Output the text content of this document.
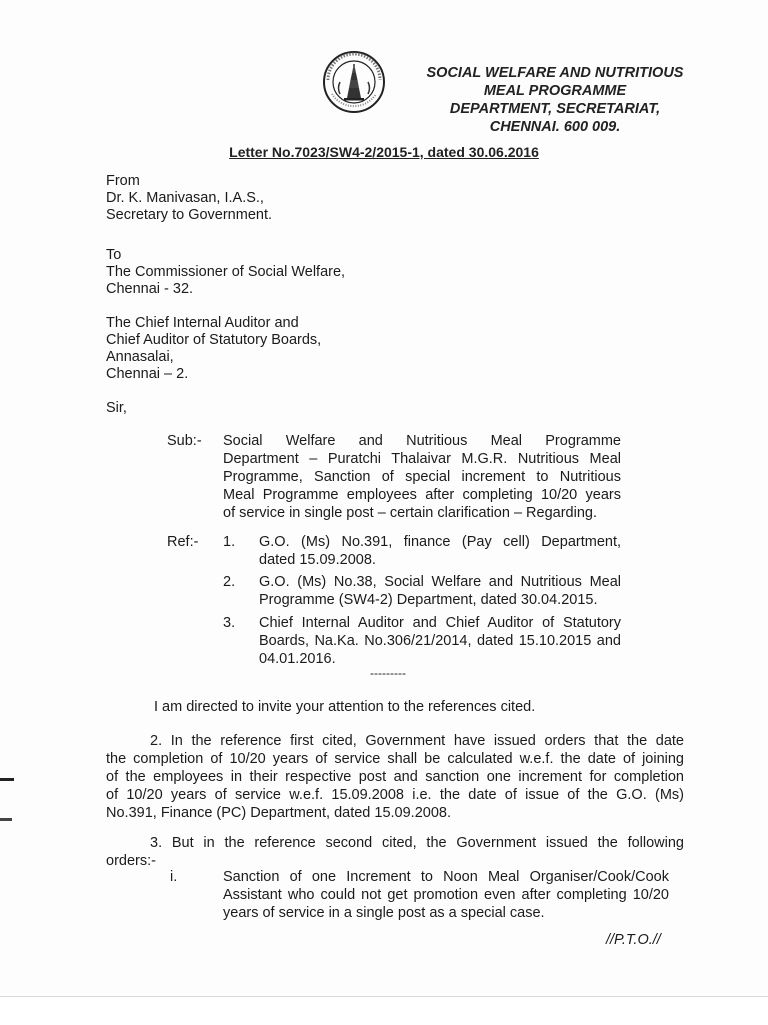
SOCIAL WELFARE AND NUTRITIOUS
MEAL PROGRAMME
DEPARTMENT, SECRETARIAT,
CHENNAI. 600 009.
Letter No.7023/SW4-2/2015-1, dated 30.06.2016
From
Dr. K. Manivasan, I.A.S.,
Secretary to Government.
To
The Commissioner of Social Welfare,
Chennai - 32.
The Chief Internal Auditor and
Chief Auditor of Statutory Boards,
Annasalai,
Chennai – 2.
Sir,
Sub:- Social Welfare and Nutritious Meal Programme
Department – Puratchi Thalaivar M.G.R. Nutritious Meal
Programme, Sanction of special increment to Nutritious
Meal Programme employees after completing 10/20 years
of service in single post – certain clarification – Regarding.
Ref:- 1. G.O. (Ms) No.391, finance (Pay cell) Department,
dated 15.09.2008.
2. G.O. (Ms) No.38, Social Welfare and Nutritious Meal
Programme (SW4-2) Department, dated 30.04.2015.
3. Chief Internal Auditor and Chief Auditor of Statutory
Boards, Na.Ka. No.306/21/2014, dated 15.10.2015 and
04.01.2016.
---------
I am directed to invite your attention to the references cited.
2. In the reference first cited, Government have issued orders that the date
the completion of 10/20 years of service shall be calculated w.e.f. the date of joining
of the employees in their respective post and sanction one increment for completion
of 10/20 years of service w.e.f. 15.09.2008 i.e. the date of issue of the G.O. (Ms)
No.391, Finance (PC) Department, dated 15.09.2008.
3. But in the reference second cited, the Government issued the following
orders:-
i.	Sanction of one Increment to Noon Meal Organiser/Cook/Cook
Assistant who could not get promotion even after completing 10/20
years of service in a single post as a special case.
//P.T.O.//
